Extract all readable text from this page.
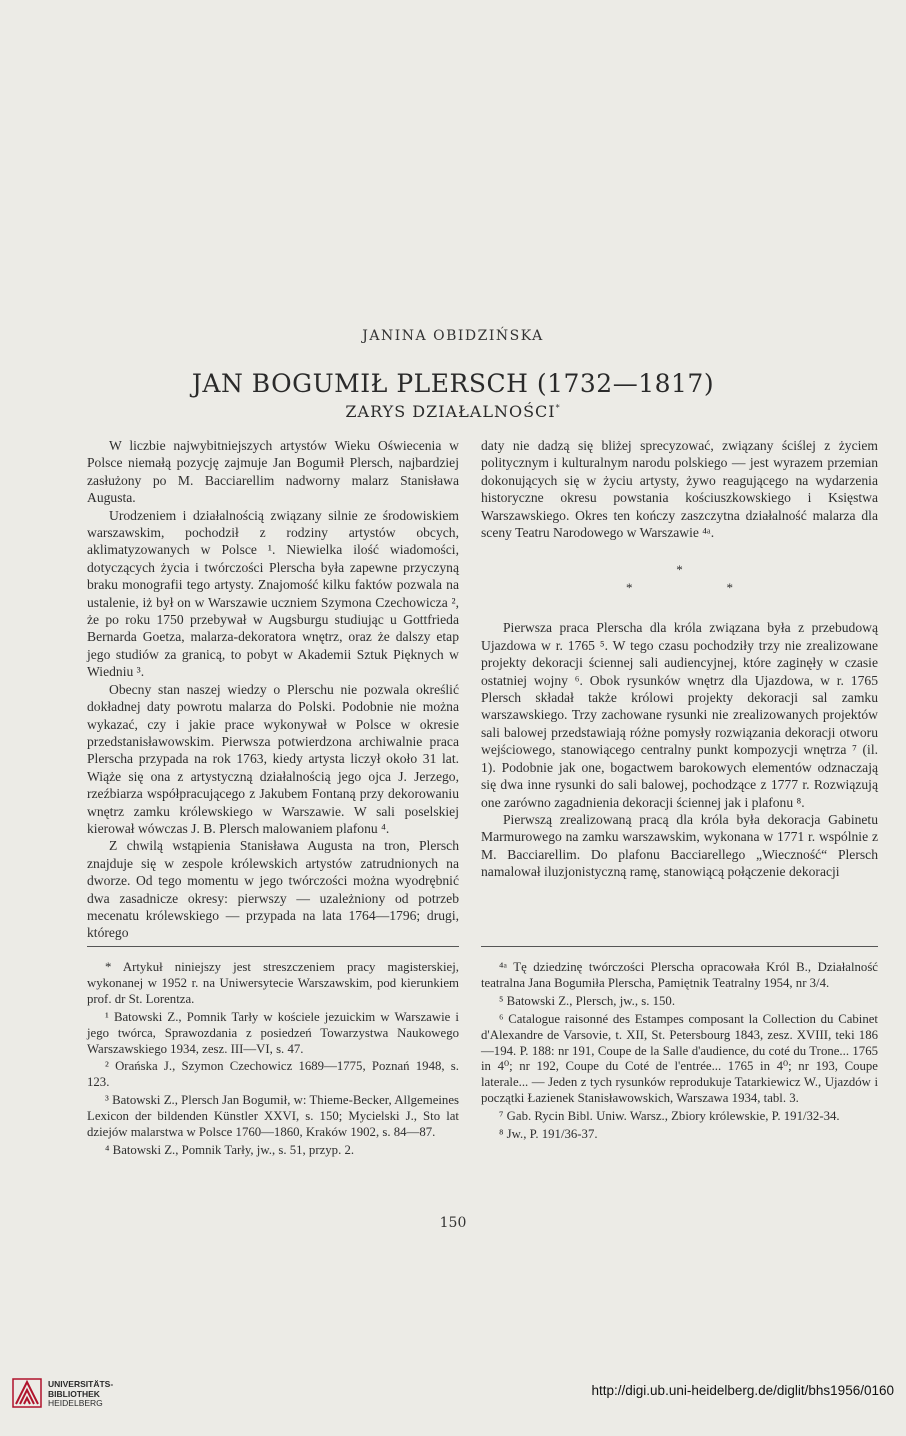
JANINA OBIDZIŃSKA
JAN BOGUMIŁ PLERSCH (1732—1817)
ZARYS DZIAŁALNOŚCI*

W liczbie najwybitniejszych artystów Wieku Oświecenia w Polsce niemałą pozycję zajmuje Jan Bogumił Plersch, najbardziej zasłużony po M. Bacciarellim nadworny malarz Stanisława Augusta.

Urodzeniem i działalnością związany silnie ze środowiskiem warszawskim, pochodził z rodziny artystów obcych, aklimatyzowanych w Polsce ¹. Niewielka ilość wiadomości, dotyczących życia i twórczości Plerscha była zapewne przyczyną braku monografii tego artysty. Znajomość kilku faktów pozwala na ustalenie, iż był on w Warszawie uczniem Szymona Czechowicza ², że po roku 1750 przebywał w Augsburgu studiując u Gottfrieda Bernarda Goetza, malarza-dekoratora wnętrz, oraz że dalszy etap jego studiów za granicą, to pobyt w Akademii Sztuk Pięknych w Wiedniu ³.

Obecny stan naszej wiedzy o Plerschu nie pozwala określić dokładnej daty powrotu malarza do Polski. Podobnie nie można wykazać, czy i jakie prace wykonywał w Polsce w okresie przedstanisławowskim. Pierwsza potwierdzona archiwalnie praca Plerscha przypada na rok 1763, kiedy artysta liczył około 31 lat. Wiąże się ona z artystyczną działalnością jego ojca J. Jerzego, rzeźbiarza współpracującego z Jakubem Fontaną przy dekorowaniu wnętrz zamku królewskiego w Warszawie. W sali poselskiej kierował wówczas J. B. Plersch malowaniem plafonu ⁴.

Z chwilą wstąpienia Stanisława Augusta na tron, Plersch znajduje się w zespole królewskich artystów zatrudnionych na dworze. Od tego momentu w jego twórczości można wyodrębnić dwa zasadnicze okresy: pierwszy — uzależniony od potrzeb mecenatu królewskiego — przypada na lata 1764—1796; drugi, którego

daty nie dadzą się bliżej sprecyzować, związany ściślej z życiem politycznym i kulturalnym narodu polskiego — jest wyrazem przemian dokonujących się w życiu artysty, żywo reagującego na wydarzenia historyczne okresu powstania kościuszkowskiego i Księstwa Warszawskiego. Okres ten kończy zaszczytna działalność malarza dla sceny Teatru Narodowego w Warszawie ⁴ᵃ.

*
*	*

Pierwsza praca Plerscha dla króla związana była z przebudową Ujazdowa w r. 1765 ⁵. W tego czasu pochodziły trzy nie zrealizowane projekty dekoracji ściennej sali audiencyjnej, które zaginęły w czasie ostatniej wojny ⁶. Obok rysunków wnętrz dla Ujazdowa, w r. 1765 Plersch składał także królowi projekty dekoracji sal zamku warszawskiego. Trzy zachowane rysunki nie zrealizowanych projektów sali balowej przedstawiają różne pomysły rozwiązania dekoracji otworu wejściowego, stanowiącego centralny punkt kompozycji wnętrza ⁷ (il. 1). Podobnie jak one, bogactwem barokowych elementów odznaczają się dwa inne rysunki do sali balowej, pochodzące z 1777 r. Rozwiązują one zarówno zagadnienia dekoracji ściennej jak i plafonu ⁸.

Pierwszą zrealizowaną pracą dla króla była dekoracja Gabinetu Marmurowego na zamku warszawskim, wykonana w 1771 r. wspólnie z M. Bacciarellim. Do plafonu Bacciarellego „Wieczność“ Plersch namalował iluzjonistyczną ramę, stanowiącą połączenie dekoracji

* Artykuł niniejszy jest streszczeniem pracy magisterskiej, wykonanej w 1952 r. na Uniwersytecie Warszawskim, pod kierunkiem prof. dr St. Lorentza.

¹ Batowski Z., Pomnik Tarły w kościele jezuickim w Warszawie i jego twórca, Sprawozdania z posiedzeń Towarzystwa Naukowego Warszawskiego 1934, zesz. III—VI, s. 47.

² Orańska J., Szymon Czechowicz 1689—1775, Poznań 1948, s. 123.

³ Batowski Z., Plersch Jan Bogumił, w: Thieme-Becker, Allgemeines Lexicon der bildenden Künstler XXVI, s. 150; Mycielski J., Sto lat dziejów malarstwa w Polsce 1760—1860, Kraków 1902, s. 84—87.

⁴ Batowski Z., Pomnik Tarły, jw., s. 51, przyp. 2.

⁴ᵃ Tę dziedzinę twórczości Plerscha opracowała Król B., Działalność teatralna Jana Bogumiła Plerscha, Pamiętnik Teatralny 1954, nr 3/4.

⁵ Batowski Z., Plersch, jw., s. 150.

⁶ Catalogue raisonné des Estampes composant la Collection du Cabinet d'Alexandre de Varsovie, t. XII, St. Petersbourg 1843, zesz. XVIII, teki 186—194. P. 188: nr 191, Coupe de la Salle d'audience, du coté du Trone... 1765 in 4⁰; nr 192, Coupe du Coté de l'entrée... 1765 in 4⁰; nr 193, Coupe laterale... — Jeden z tych rysunków reprodukuje Tatarkiewicz W., Ujazdów i początki Łazienek Stanisławowskich, Warszawa 1934, tabl. 3.

⁷ Gab. Rycin Bibl. Uniw. Warsz., Zbiory królewskie, P. 191/32-34.

⁸ Jw., P. 191/36-37.

150
UNIVERSITÄTS-
BIBLIOTHEK
HEIDELBERG
http://digi.ub.uni-heidelberg.de/diglit/bhs1956/0160
